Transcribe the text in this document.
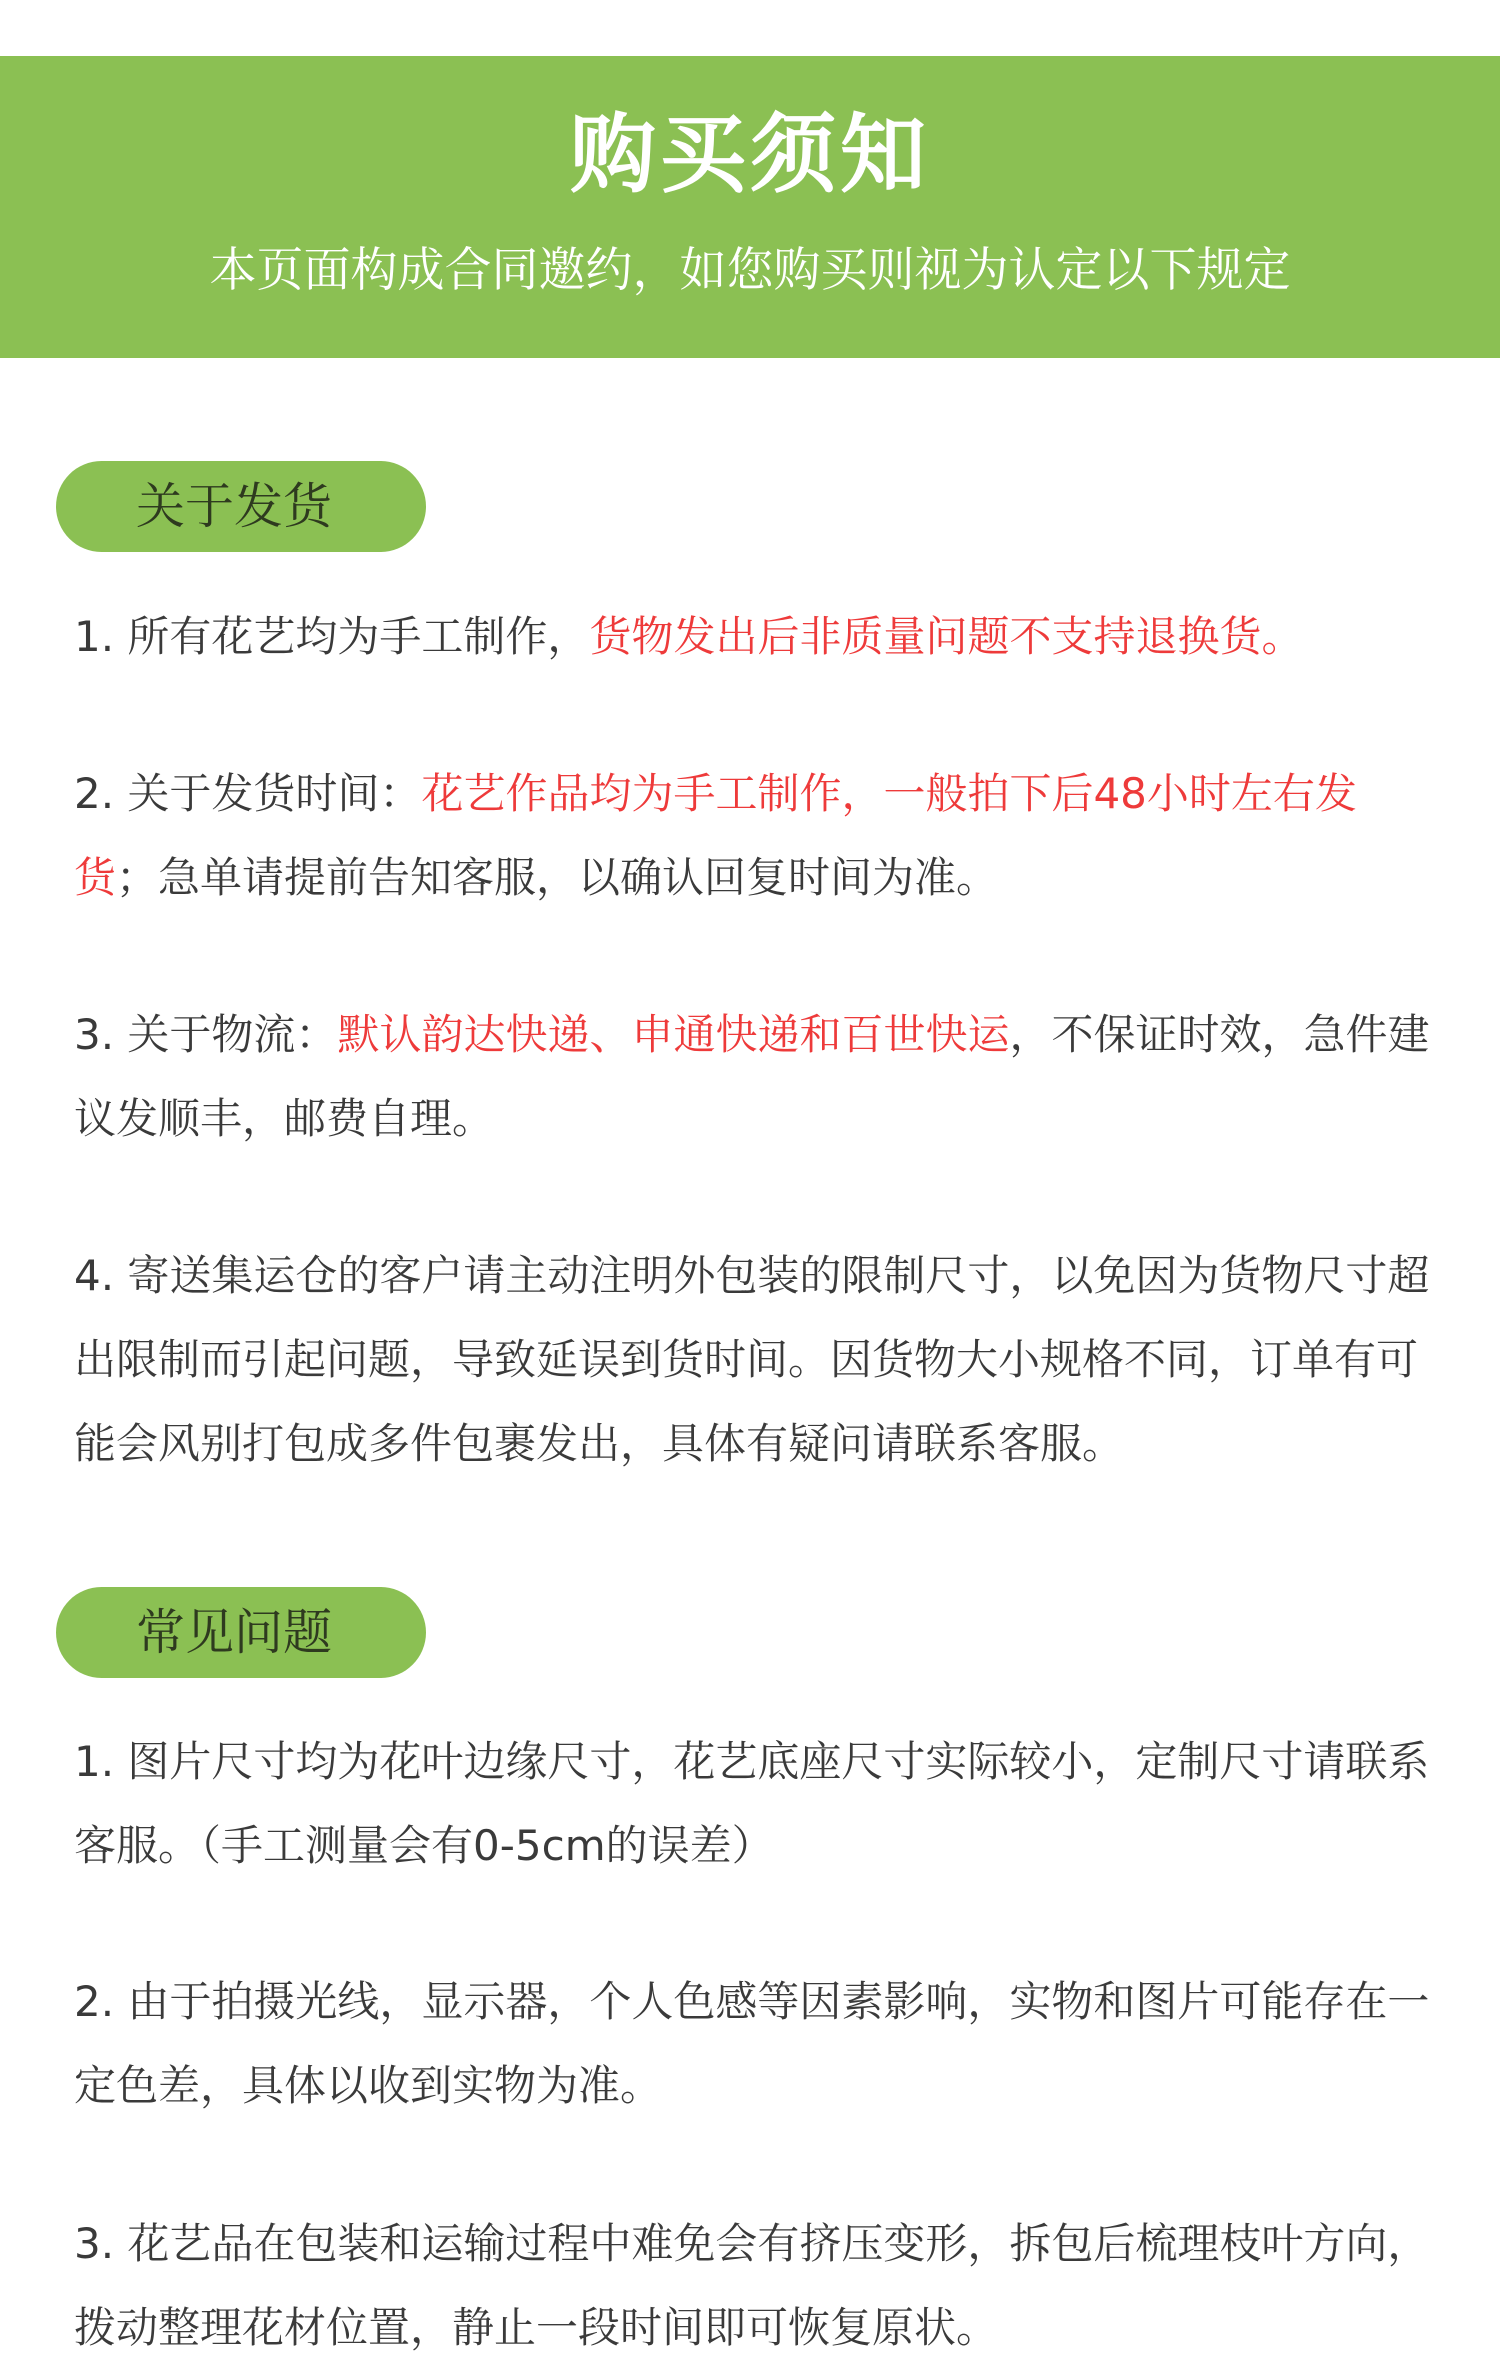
购买须知
本页面构成合同邀约，如您购买则视为认定以下规定
关于发货
1. 所有花艺均为手工制作，货物发出后非质量问题不支持退换货。
2. 关于发货时间：花艺作品均为手工制作，一般拍下后48小时左右发货；急单请提前告知客服，以确认回复时间为准。
3. 关于物流：默认韵达快递、申通快递和百世快运，不保证时效，急件建议发顺丰，邮费自理。
4. 寄送集运仓的客户请主动注明外包装的限制尺寸，以免因为货物尺寸超出限制而引起问题，导致延误到货时间。因货物大小规格不同，订单有可能会风别打包成多件包裹发出，具体有疑问请联系客服。
常见问题
1. 图片尺寸均为花叶边缘尺寸，花艺底座尺寸实际较小，定制尺寸请联系客服。（手工测量会有0-5cm的误差）
2. 由于拍摄光线，显示器，个人色感等因素影响，实物和图片可能存在一定色差，具体以收到实物为准。
3. 花艺品在包装和运输过程中难免会有挤压变形，拆包后梳理枝叶方向，拨动整理花材位置，静止一段时间即可恢复原状。
